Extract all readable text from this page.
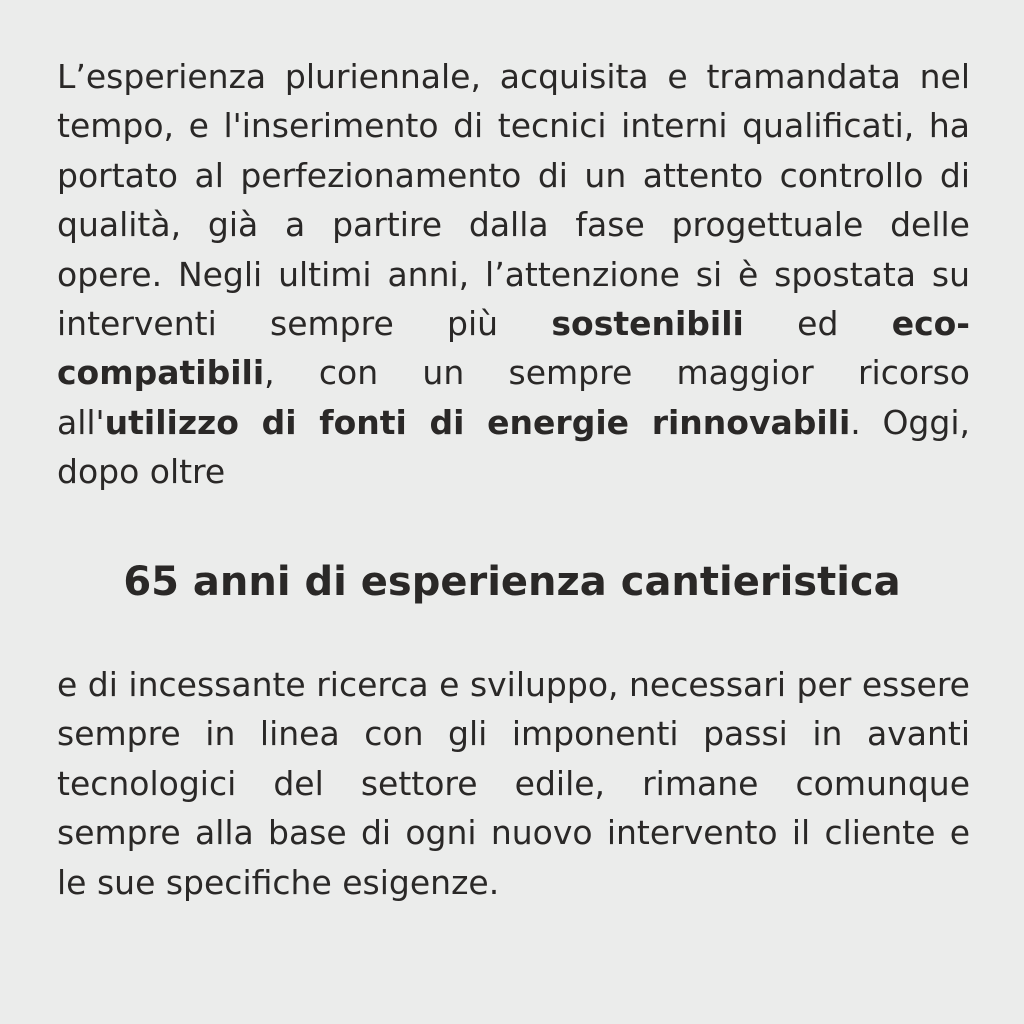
L’esperienza pluriennale, acquisita e tramandata nel tempo, e l'inserimento di tecnici interni qualificati, ha portato al perfezionamento di un attento controllo di qualità, già a partire dalla fase progettuale delle opere. Negli ultimi anni, l’attenzione si è spostata su interventi sempre più sostenibili ed eco-compatibili, con un sempre maggior ricorso all'utilizzo di fonti di energie rinnovabili. Oggi, dopo oltre

65 anni di esperienza cantieristica

e di incessante ricerca e sviluppo, necessari per essere sempre in linea con gli imponenti passi in avanti tecnologici del settore edile, rimane comunque sempre alla base di ogni nuovo intervento il cliente e le sue specifiche esigenze.
